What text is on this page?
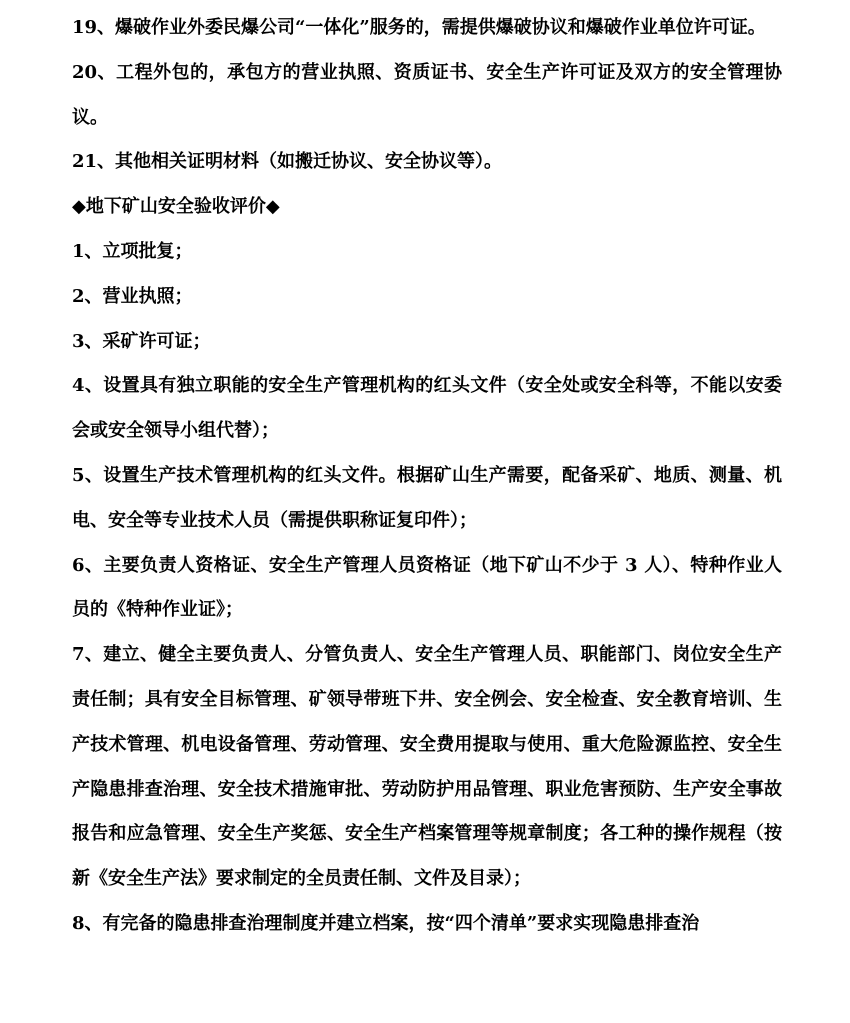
19、爆破作业外委民爆公司“一体化”服务的，需提供爆破协议和爆破作业单位许可证。

20、工程外包的，承包方的营业执照、资质证书、安全生产许可证及双方的安全管理协议。

21、其他相关证明材料（如搬迁协议、安全协议等）。

◆地下矿山安全验收评价◆

1、立项批复；

2、营业执照；

3、采矿许可证；

4、设置具有独立职能的安全生产管理机构的红头文件（安全处或安全科等，不能以安委会或安全领导小组代替）；

5、设置生产技术管理机构的红头文件。根据矿山生产需要，配备采矿、地质、测量、机电、安全等专业技术人员（需提供职称证复印件）；

6、主要负责人资格证、安全生产管理人员资格证（地下矿山不少于 3 人）、特种作业人员的《特种作业证》；

7、建立、健全主要负责人、分管负责人、安全生产管理人员、职能部门、岗位安全生产责任制；具有安全目标管理、矿领导带班下井、安全例会、安全检查、安全教育培训、生产技术管理、机电设备管理、劳动管理、安全费用提取与使用、重大危险源监控、安全生产隐患排查治理、安全技术措施审批、劳动防护用品管理、职业危害预防、生产安全事故报告和应急管理、安全生产奖惩、安全生产档案管理等规章制度；各工种的操作规程（按新《安全生产法》要求制定的全员责任制、文件及目录）；

8、有完备的隐患排查治理制度并建立档案，按“四个清单”要求实现隐患排查治
